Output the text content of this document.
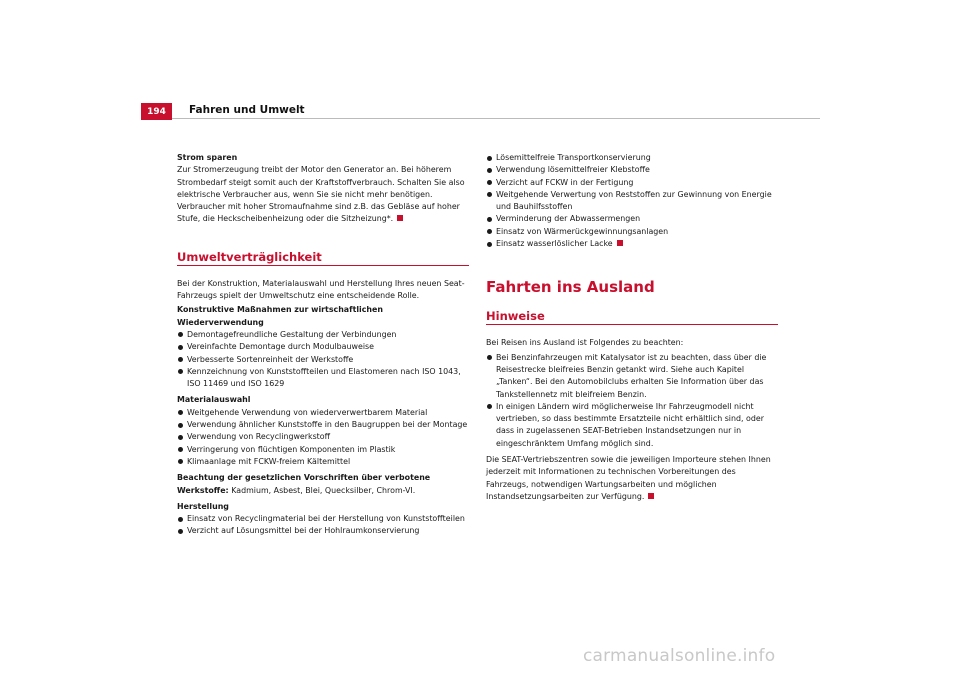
194	Fahren und Umwelt

Strom sparen

Zur Stromerzeugung treibt der Motor den Generator an. Bei höherem Strombedarf steigt somit auch der Kraftstoffverbrauch. Schalten Sie also elektrische Verbraucher aus, wenn Sie sie nicht mehr benötigen. Verbraucher mit hoher Stromaufnahme sind z.B. das Gebläse auf hoher Stufe, die Heckscheibenheizung oder die Sitzheizung*.

Umweltverträglichkeit

Bei der Konstruktion, Materialauswahl und Herstellung Ihres neuen Seat-Fahrzeugs spielt der Umweltschutz eine entscheidende Rolle.

Konstruktive Maßnahmen zur wirtschaftlichen Wiederverwendung

Demontagefreundliche Gestaltung der Verbindungen
Vereinfachte Demontage durch Modulbauweise
Verbesserte Sortenreinheit der Werkstoffe
Kennzeichnung von Kunststoffteilen und Elastomeren nach ISO 1043, ISO 11469 und ISO 1629

Materialauswahl

Weitgehende Verwendung von wiederverwertbarem Material
Verwendung ähnlicher Kunststoffe in den Baugruppen bei der Montage
Verwendung von Recyclingwerkstoff
Verringerung von flüchtigen Komponenten im Plastik
Klimaanlage mit FCKW-freiem Kältemittel

Beachtung der gesetzlichen Vorschriften über verbotene
Werkstoffe: Kadmium, Asbest, Blei, Quecksilber, Chrom-VI.

Herstellung

Einsatz von Recyclingmaterial bei der Herstellung von Kunststoffteilen
Verzicht auf Lösungsmittel bei der Hohlraumkonservierung
Lösemittelfreie Transportkonservierung
Verwendung lösemittelfreier Klebstoffe
Verzicht auf FCKW in der Fertigung
Weitgehende Verwertung von Reststoffen zur Gewinnung von Energie und Bauhilfsstoffen
Verminderung der Abwassermengen
Einsatz von Wärmerückgewinnungsanlagen
Einsatz wasserlöslicher Lacke
Fahrten ins Ausland
Hinweise

Bei Reisen ins Ausland ist Folgendes zu beachten:

Bei Benzinfahrzeugen mit Katalysator ist zu beachten, dass über die Reisestrecke bleifreies Benzin getankt wird. Siehe auch Kapitel „Tanken“. Bei den Automobilclubs erhalten Sie Information über das Tankstellennetz mit bleifreiem Benzin.
In einigen Ländern wird möglicherweise Ihr Fahrzeugmodell nicht vertrieben, so dass bestimmte Ersatzteile nicht erhältlich sind, oder dass in zugelassenen SEAT-Betrieben Instandsetzungen nur in eingeschränktem Umfang möglich sind.

Die SEAT-Vertriebszentren sowie die jeweiligen Importeure stehen Ihnen jederzeit mit Informationen zu technischen Vorbereitungen des Fahrzeugs, notwendigen Wartungsarbeiten und möglichen Instandsetzungsarbeiten zur Verfügung.

carmanualsonline.info
